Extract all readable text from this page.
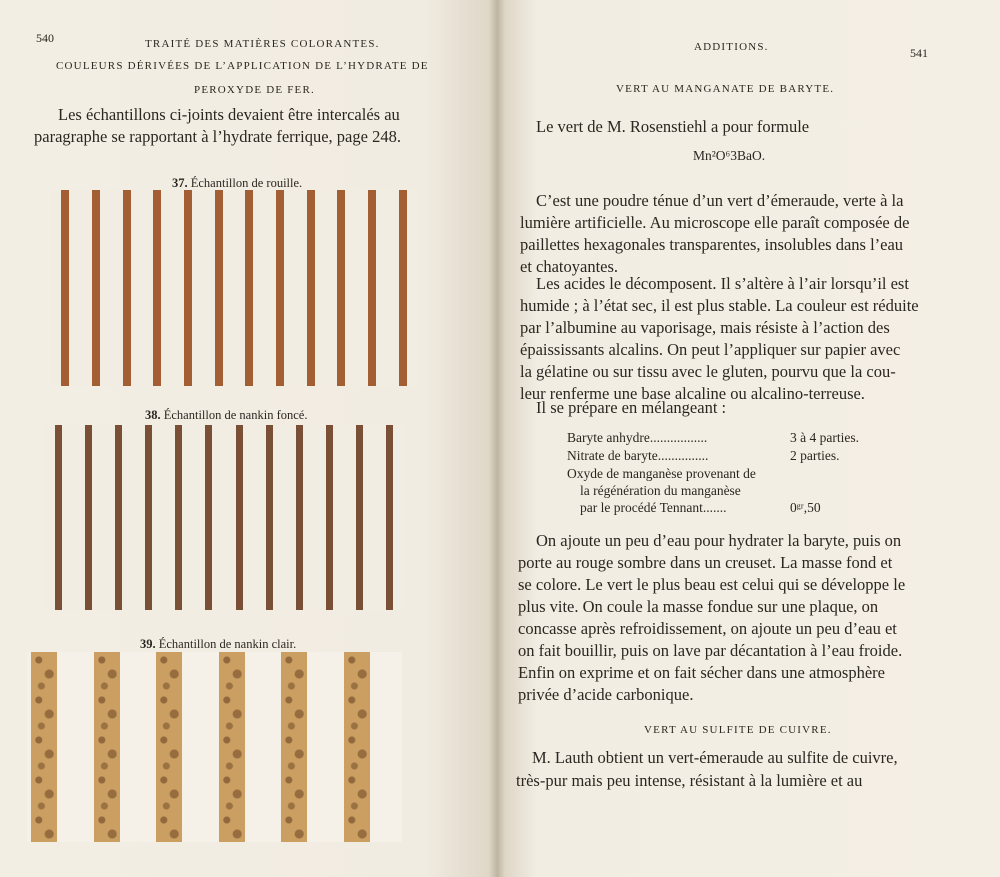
540	TRAITÉ DES MATIÈRES COLORANTES.
COULEURS DÉRIVÉES DE L’APPLICATION DE L’HYDRATE DE
PEROXYDE DE FER.
Les échantillons ci-joints devaient être intercalés au
paragraphe se rapportant à l’hydrate ferrique, page 248.
37. Échantillon de rouille.
38. Échantillon de nankin foncé.
39. Échantillon de nankin clair.
ADDITIONS.	541
VERT AU MANGANATE DE BARYTE.
Le vert de M. Rosenstiehl a pour formule
Mn²O⁶3BaO.
C’est une poudre ténue d’un vert d’émeraude, verte à la
lumière artificielle. Au microscope elle paraît composée de
paillettes hexagonales transparentes, insolubles dans l’eau
et chatoyantes.
Les acides le décomposent. Il s’altère à l’air lorsqu’il est
humide ; à l’état sec, il est plus stable. La couleur est réduite
par l’albumine au vaporisage, mais résiste à l’action des
épaississants alcalins. On peut l’appliquer sur papier avec
la gélatine ou sur tissu avec le gluten, pourvu que la cou-
leur renferme une base alcaline ou alcalino-terreuse.
Il se prépare en mélangeant :
Baryte anhydre.................	3 à 4 parties.
Nitrate de baryte...............	2 parties.
Oxyde de manganèse provenant de
la régénération du manganèse
par le procédé Tennant.......	0ᵍʳ,50
On ajoute un peu d’eau pour hydrater la baryte, puis on
porte au rouge sombre dans un creuset. La masse fond et
se colore. Le vert le plus beau est celui qui se développe le
plus vite. On coule la masse fondue sur une plaque, on
concasse après refroidissement, on ajoute un peu d’eau et
on fait bouillir, puis on lave par décantation à l’eau froide.
Enfin on exprime et on fait sécher dans une atmosphère
privée d’acide carbonique.
VERT AU SULFITE DE CUIVRE.
M. Lauth obtient un vert-émeraude au sulfite de cuivre,
très-pur mais peu intense, résistant à la lumière et au
